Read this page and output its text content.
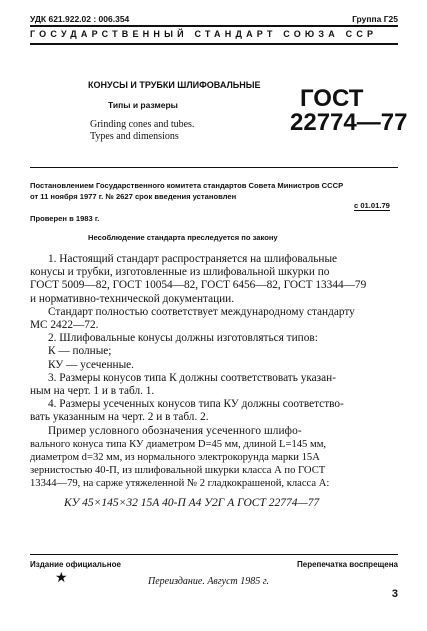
УДК 621.922.02 : 006.354	Группа Г25
ГОСУДАРСТВЕННЫЙ СТАНДАРТ СОЮЗА ССР
КОНУСЫ И ТРУБКИ ШЛИФОВАЛЬНЫЕ
Типы и размеры
Grinding cones and tubes.
Types and dimensions
ГОСТ
22774—77
Постановлением Государственного комитета стандартов Совета Министров СССР
от 11 ноября 1977 г. № 2627 срок введения установлен
с 01.01.79
Проверен в 1983 г.
Несоблюдение стандарта преследуется по закону
1. Настоящий стандарт распространяется на шлифовальные
конусы и трубки, изготовленные из шлифовальной шкурки по
ГОСТ 5009—82, ГОСТ 10054—82, ГОСТ 6456—82, ГОСТ 13344—79
и нормативно-технической документации.
Стандарт полностью соответствует международному стандарту
МС 2422—72.
2. Шлифовальные конусы должны изготовляться типов:
К — полные;
КУ — усеченные.
3. Размеры конусов типа К должны соответствовать указан-
ным на черт. 1 и в табл. 1.
4. Размеры усеченных конусов типа КУ должны соответство-
вать указанным на черт. 2 и в табл. 2.
Пример условного обозначения усеченного шлифо-
вального конуса типа КУ диаметром D=45 мм, длиной L=145 мм,
диаметром d=32 мм, из нормального электрокорунда марки 15А
зернистостью 40-П, из шлифовальной шкурки класса А по ГОСТ
13344—79, на саржe утяжеленной № 2 гладкокрашеной, класса А:
КУ 45×145×32 15А 40-П А4 У2Г А ГОСТ 22774—77
Издание официальное	Перепечатка воспрещена
★	Переиздание. Август 1985 г.
3
